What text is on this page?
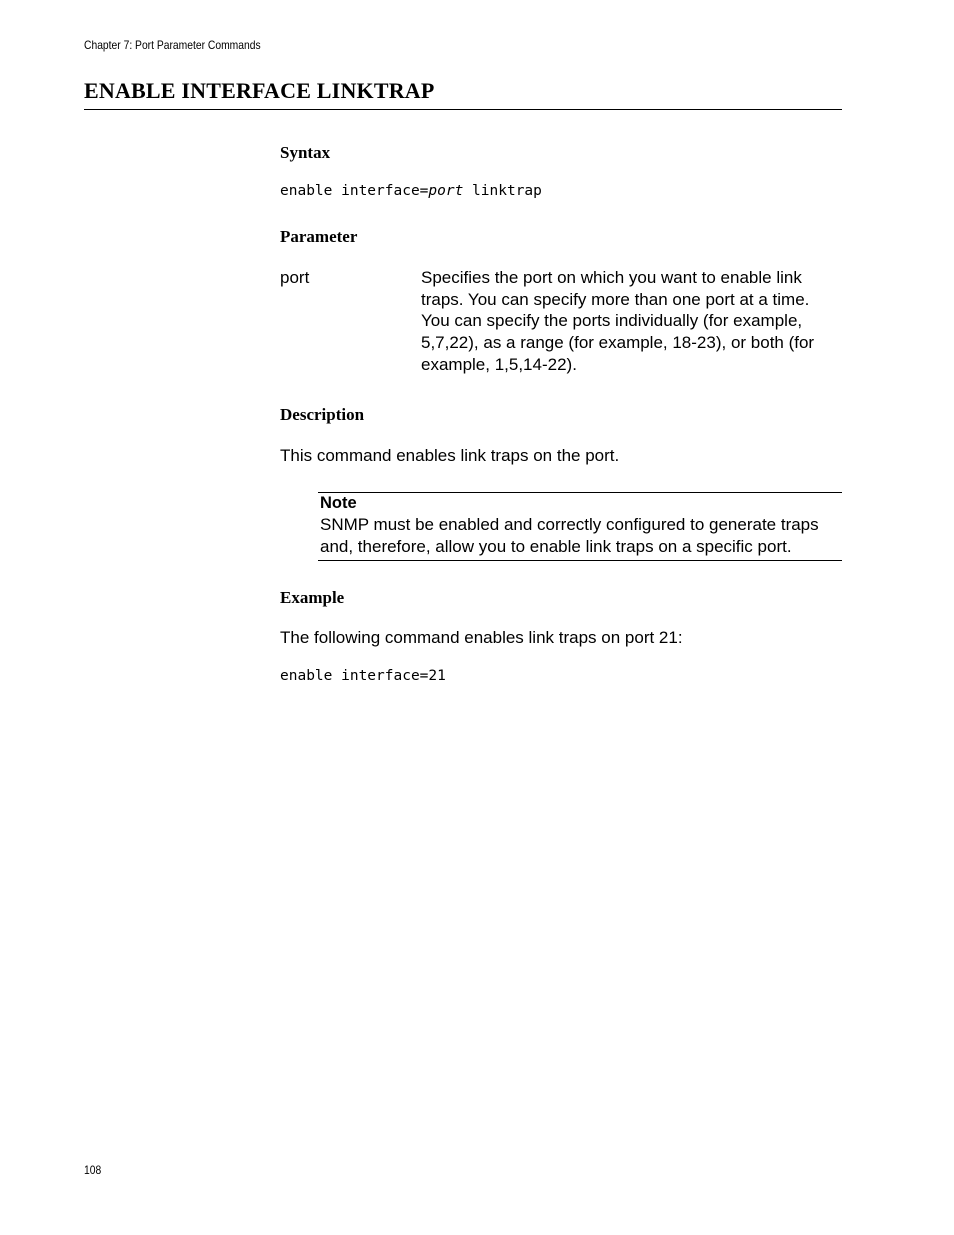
Chapter 7: Port Parameter Commands
ENABLE INTERFACE LINKTRAP
Syntax
enable interface=port linktrap
Parameter
port	Specifies the port on which you want to enable link
traps. You can specify more than one port at a time.
You can specify the ports individually (for example,
5,7,22), as a range (for example, 18-23), or both (for
example, 1,5,14-22).
Description
This command enables link traps on the port.
Note
SNMP must be enabled and correctly configured to generate traps
and, therefore, allow you to enable link traps on a specific port.
Example
The following command enables link traps on port 21:
enable interface=21
108
